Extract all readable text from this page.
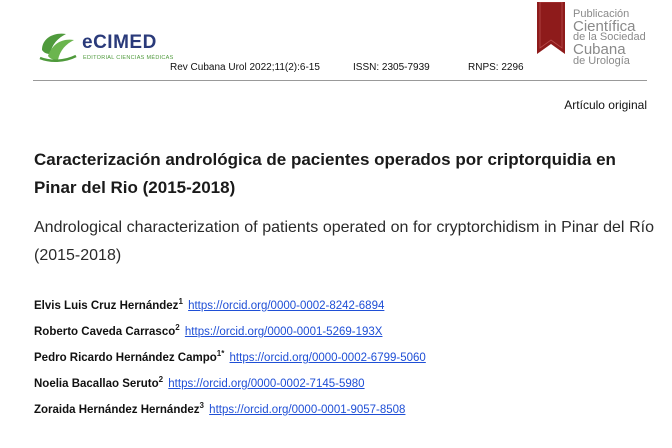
eCIMED
EDITORIAL CIENCIAS MÉDICAS
Rev Cubana Urol 2022;11(2):6-15	ISSN: 2305-7939	RNPS: 2296
Publicación
Científica
de la Sociedad
Cubana
de Urología
Artículo original
Caracterización andrológica de pacientes operados por criptorquidia en Pinar del Rio (2015-2018)
Andrological characterization of patients operated on for cryptorchidism in Pinar del Río (2015-2018)
Elvis Luis Cruz Hernández$^1$ https://orcid.org/0000-0002-8242-6894
Roberto Caveda Carrasco$^2$ https://orcid.org/0000-0001-5269-193X
Pedro Ricardo Hernández Campo$^{1*}$ https://orcid.org/0000-0002-6799-5060
Noelia Bacallao Seruto$^2$ https://orcid.org/0000-0002-7145-5980
Zoraida Hernández Hernández$^3$ https://orcid.org/0000-0001-9057-8508
